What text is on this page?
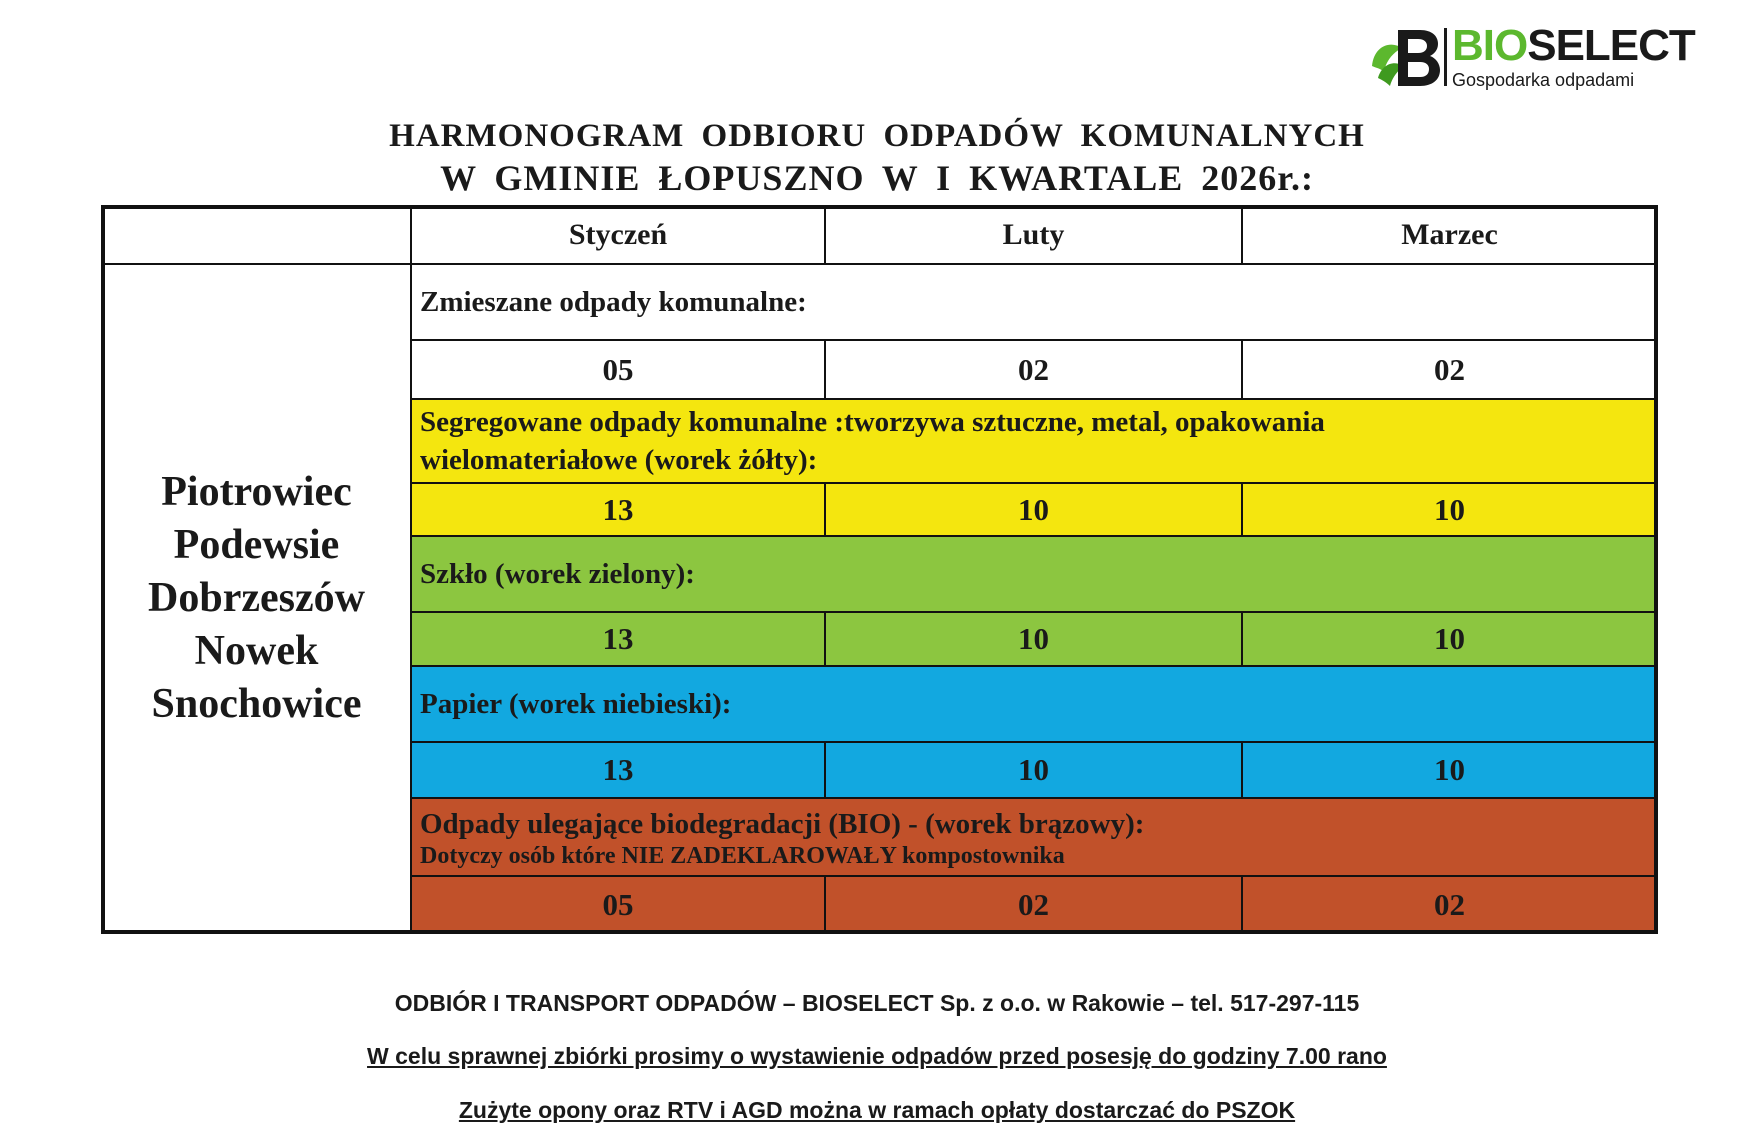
BIOSELECT
Gospodarka odpadami
HARMONOGRAM ODBIORU ODPADÓW KOMUNALNYCH
W GMINIE ŁOPUSZNO W I KWARTALE 2026r.:
Styczeń	Luty	Marzec
Piotrowiec
Podewsie
Dobrzeszów
Nowek
Snochowice
Zmieszane odpady komunalne:
05	02	02
Segregowane odpady komunalne :tworzywa sztuczne, metal, opakowania
wielomateriałowe (worek żółty):
13	10	10
Szkło (worek zielony):
13	10	10
Papier (worek niebieski):
13	10	10
Odpady ulegające biodegradacji (BIO) - (worek brązowy):
Dotyczy osób które NIE ZADEKLAROWAŁY kompostownika
05	02	02
ODBIÓR I TRANSPORT ODPADÓW – BIOSELECT Sp. z o.o. w Rakowie – tel. 517-297-115
W celu sprawnej zbiórki prosimy o wystawienie odpadów przed posesję do godziny 7.00 rano
Zużyte opony oraz RTV i AGD można w ramach opłaty dostarczać do PSZOK
